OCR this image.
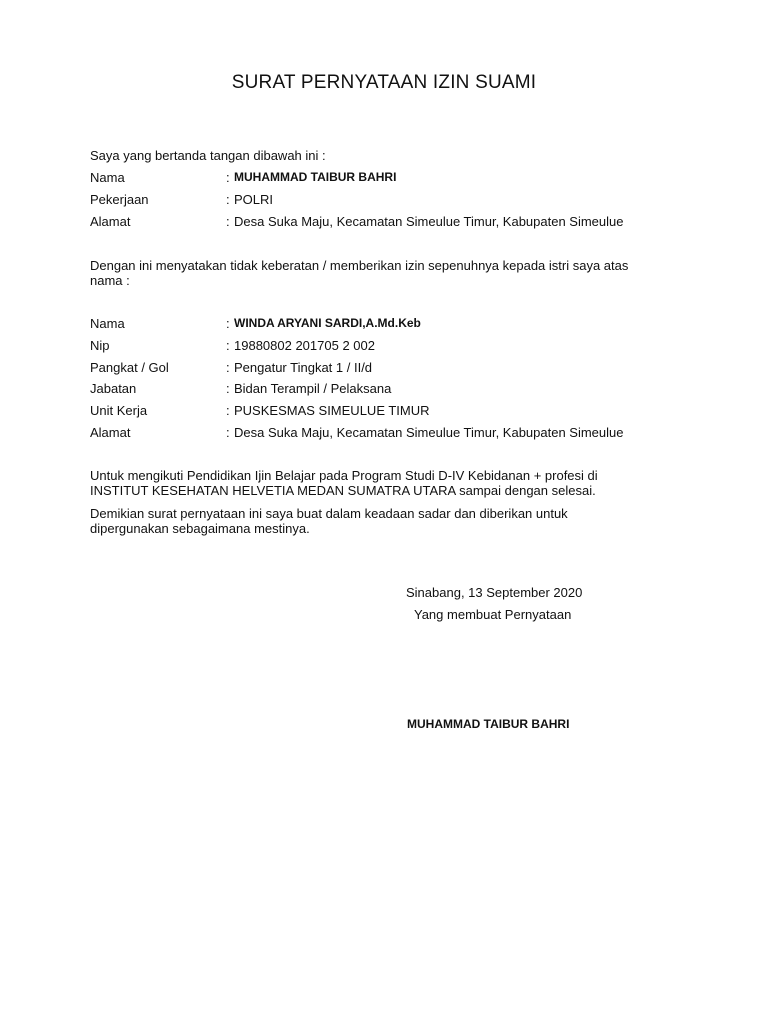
SURAT PERNYATAAN IZIN SUAMI
Saya yang bertanda tangan dibawah ini :
Nama	: MUHAMMAD TAIBUR BAHRI
Pekerjaan	: POLRI
Alamat	: Desa Suka Maju, Kecamatan Simeulue Timur, Kabupaten Simeulue
Dengan ini menyatakan tidak keberatan / memberikan izin sepenuhnya kepada istri saya atas
nama :
Nama	: WINDA ARYANI SARDI,A.Md.Keb
Nip	: 19880802 201705 2 002
Pangkat / Gol	: Pengatur Tingkat 1 / II/d
Jabatan	: Bidan Terampil / Pelaksana
Unit Kerja	: PUSKESMAS SIMEULUE TIMUR
Alamat	: Desa Suka Maju, Kecamatan Simeulue Timur, Kabupaten Simeulue
Untuk mengikuti Pendidikan Ijin Belajar pada Program Studi D-IV Kebidanan + profesi di
INSTITUT KESEHATAN HELVETIA MEDAN SUMATRA UTARA sampai dengan selesai.
Demikian surat pernyataan ini saya buat dalam keadaan sadar dan diberikan untuk
dipergunakan sebagaimana mestinya.
Sinabang, 13 September 2020
Yang membuat Pernyataan
MUHAMMAD TAIBUR BAHRI
